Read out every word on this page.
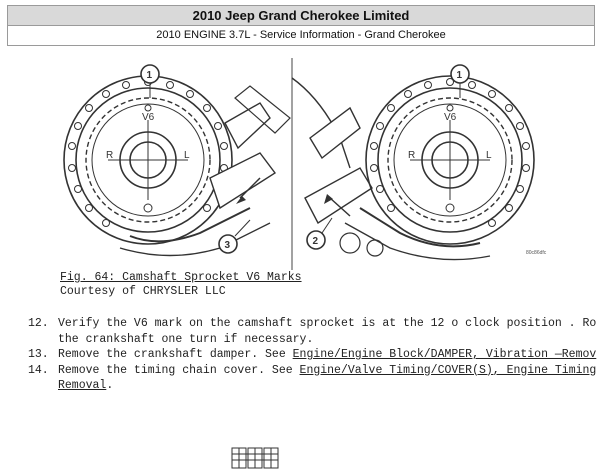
2010 Jeep Grand Cherokee Limited
2010 ENGINE 3.7L - Service Information - Grand Cherokee
V6
R	L
1
3
V6
R	L
1
2
80c86dfc
Fig. 64: Camshaft Sprocket V6 Marks
Courtesy of CHRYSLER LLC
12. Verify the V6 mark on the camshaft sprocket is at the 12 o clock position . Ro
the crankshaft one turn if necessary.
13. Remove the crankshaft damper. See Engine/Engine Block/DAMPER, Vibration —Remov
14. Remove the timing chain cover. See Engine/Valve Timing/COVER(S), Engine Timing
Removal.
